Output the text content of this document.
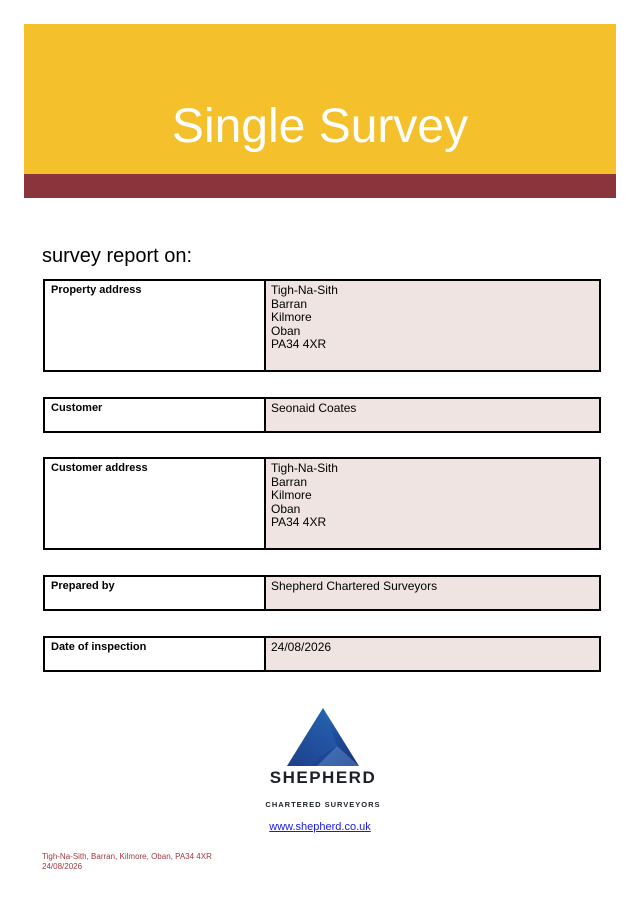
Single Survey
survey report on:
Property address	Tigh-Na-Sith
Barran
Kilmore
Oban
PA34 4XR
Customer	Seonaid Coates
Customer address	Tigh-Na-Sith
Barran
Kilmore
Oban
PA34 4XR
Prepared by	Shepherd Chartered Surveyors
Date of inspection	24/08/2026
SHEPHERD
CHARTERED SURVEYORS
www.shepherd.co.uk
Tigh-Na-Sith, Barran, Kilmore, Oban, PA34 4XR
24/08/2026
